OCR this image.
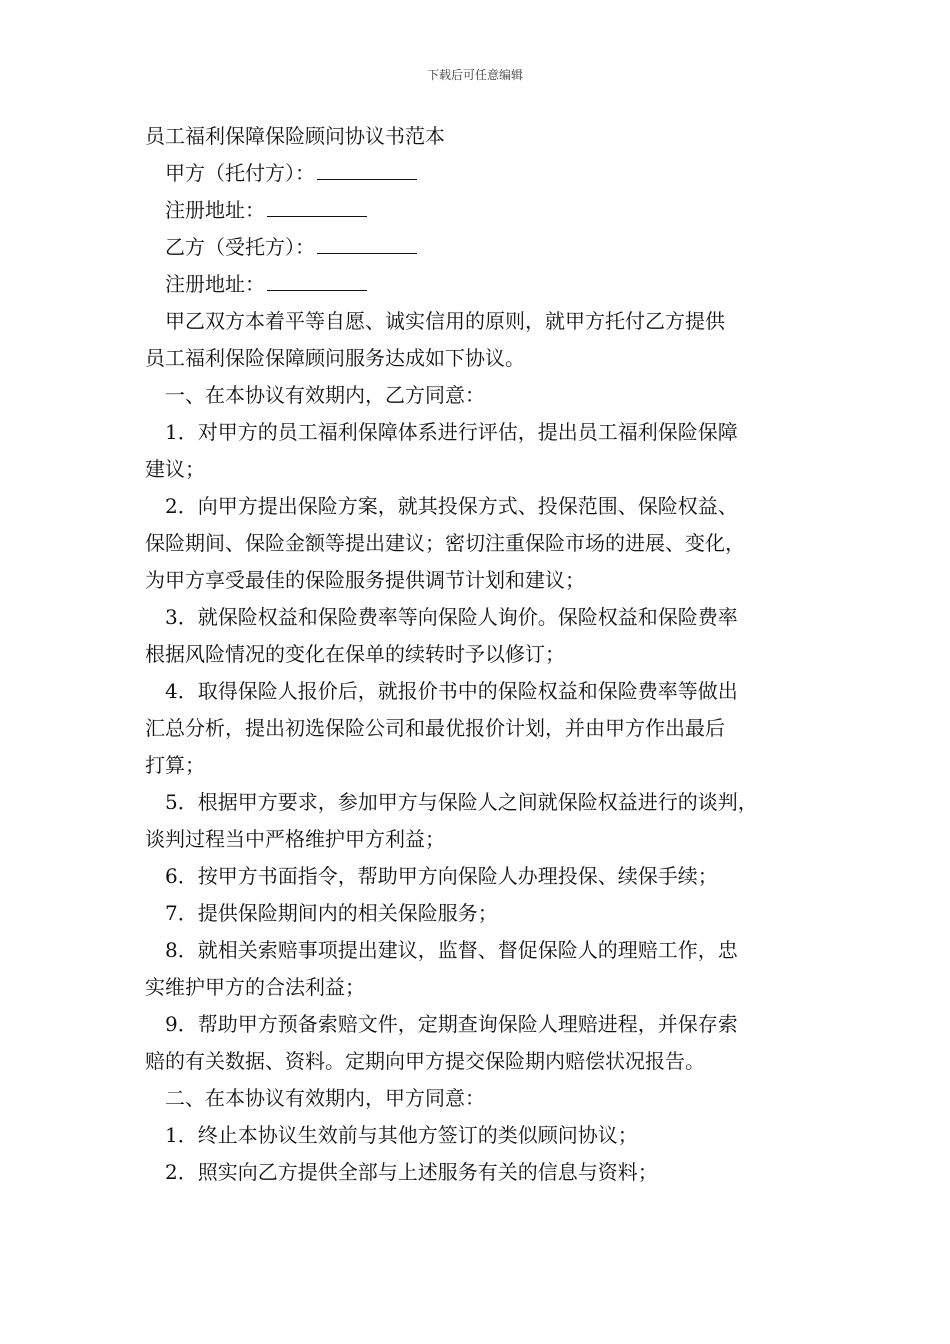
下载后可任意编辑
员工福利保障保险顾问协议书范本
甲方（托付方）：
注册地址：
乙方（受托方）：
注册地址：
甲乙双方本着平等自愿、诚实信用的原则，就甲方托付乙方提供
员工福利保险保障顾问服务达成如下协议。
一、在本协议有效期内，乙方同意：
1．对甲方的员工福利保障体系进行评估，提出员工福利保险保障
建议；
2．向甲方提出保险方案，就其投保方式、投保范围、保险权益、
保险期间、保险金额等提出建议；密切注重保险市场的进展、变化，
为甲方享受最佳的保险服务提供调节计划和建议；
3．就保险权益和保险费率等向保险人询价。保险权益和保险费率
根据风险情况的变化在保单的续转时予以修订；
4．取得保险人报价后，就报价书中的保险权益和保险费率等做出
汇总分析，提出初选保险公司和最优报价计划，并由甲方作出最后
打算；
5．根据甲方要求，参加甲方与保险人之间就保险权益进行的谈判，
谈判过程当中严格维护甲方利益；
6．按甲方书面指令，帮助甲方向保险人办理投保、续保手续；
7．提供保险期间内的相关保险服务；
8．就相关索赔事项提出建议，监督、督促保险人的理赔工作，忠
实维护甲方的合法利益；
9．帮助甲方预备索赔文件，定期查询保险人理赔进程，并保存索
赔的有关数据、资料。定期向甲方提交保险期内赔偿状况报告。
二、在本协议有效期内，甲方同意：
1．终止本协议生效前与其他方签订的类似顾问协议；
2．照实向乙方提供全部与上述服务有关的信息与资料；
